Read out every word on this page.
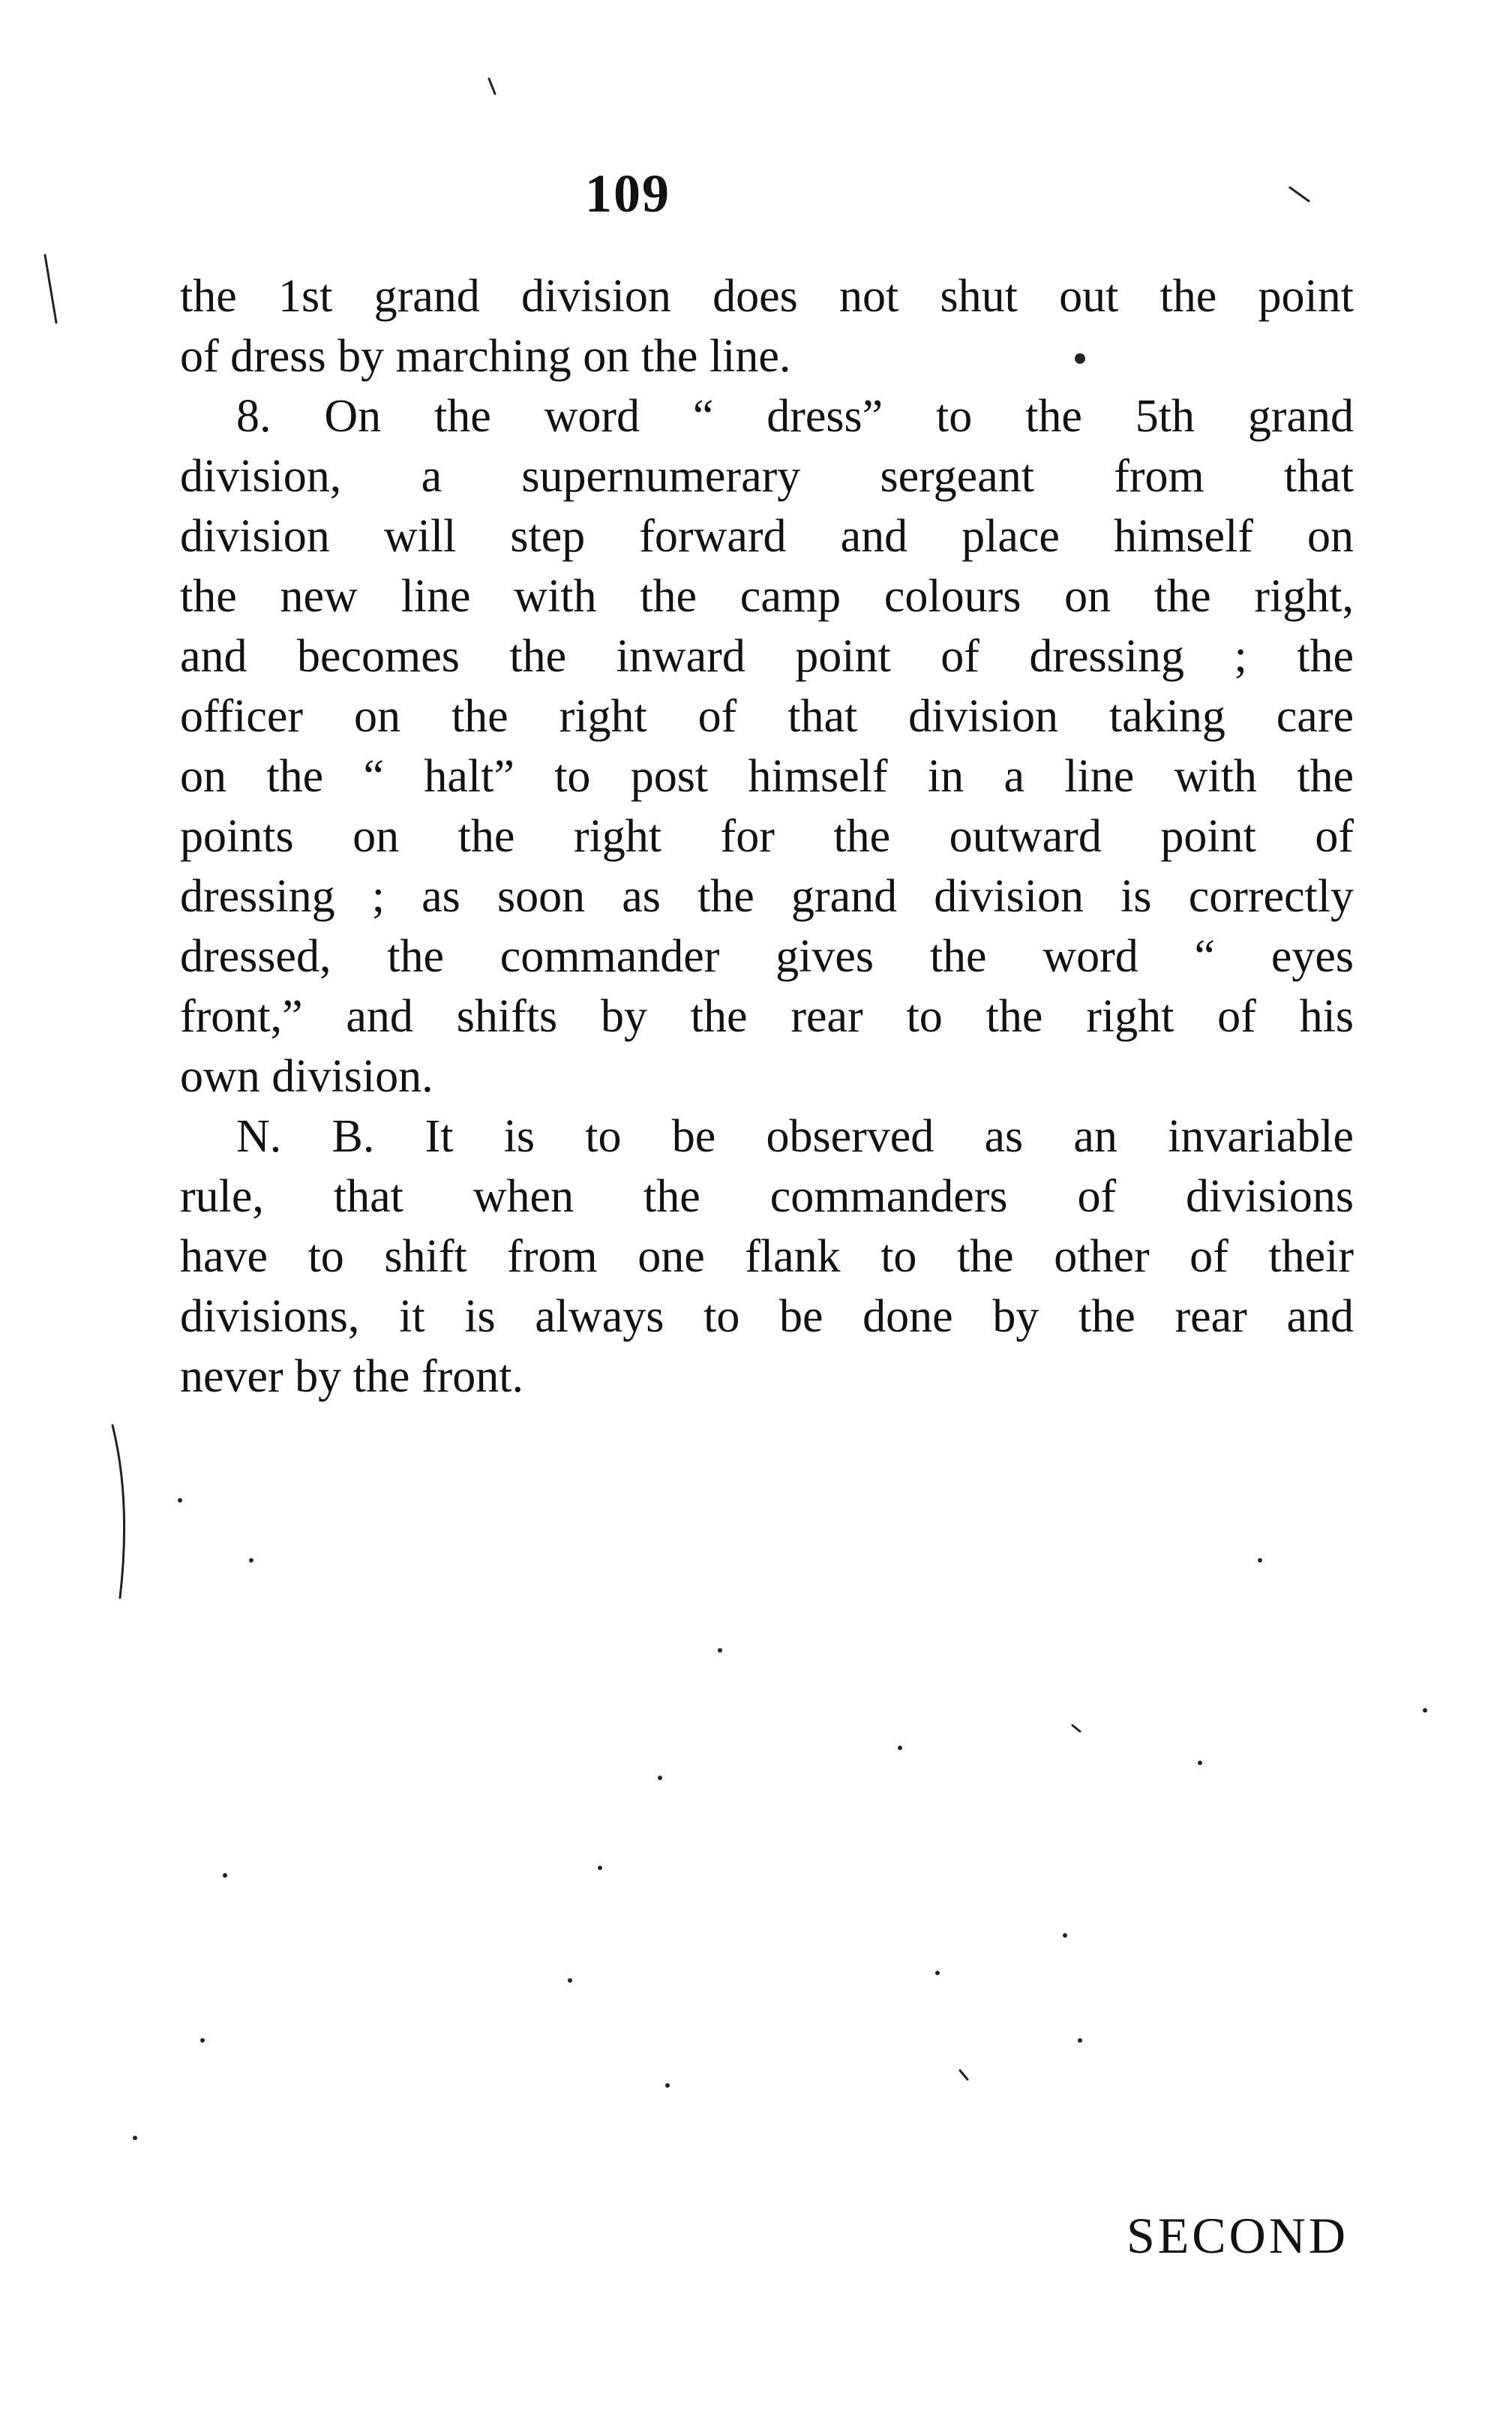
109
the 1st grand division does not shut out the point
of dress by marching on the line.
8. On the word “ dress” to the 5th grand
division, a supernumerary sergeant from that
division will step forward and place himself on
the new line with the camp colours on the right,
and becomes the inward point of dressing ; the
officer on the right of that division taking care
on the “ halt” to post himself in a line with the
points on the right for the outward point of
dressing ; as soon as the grand division is correctly
dressed, the commander gives the word “ eyes
front,” and shifts by the rear to the right of his
own division.
N. B. It is to be observed as an invariable
rule, that when the commanders of divisions
have to shift from one flank to the other of their
divisions, it is always to be done by the rear and
never by the front.
SECOND
